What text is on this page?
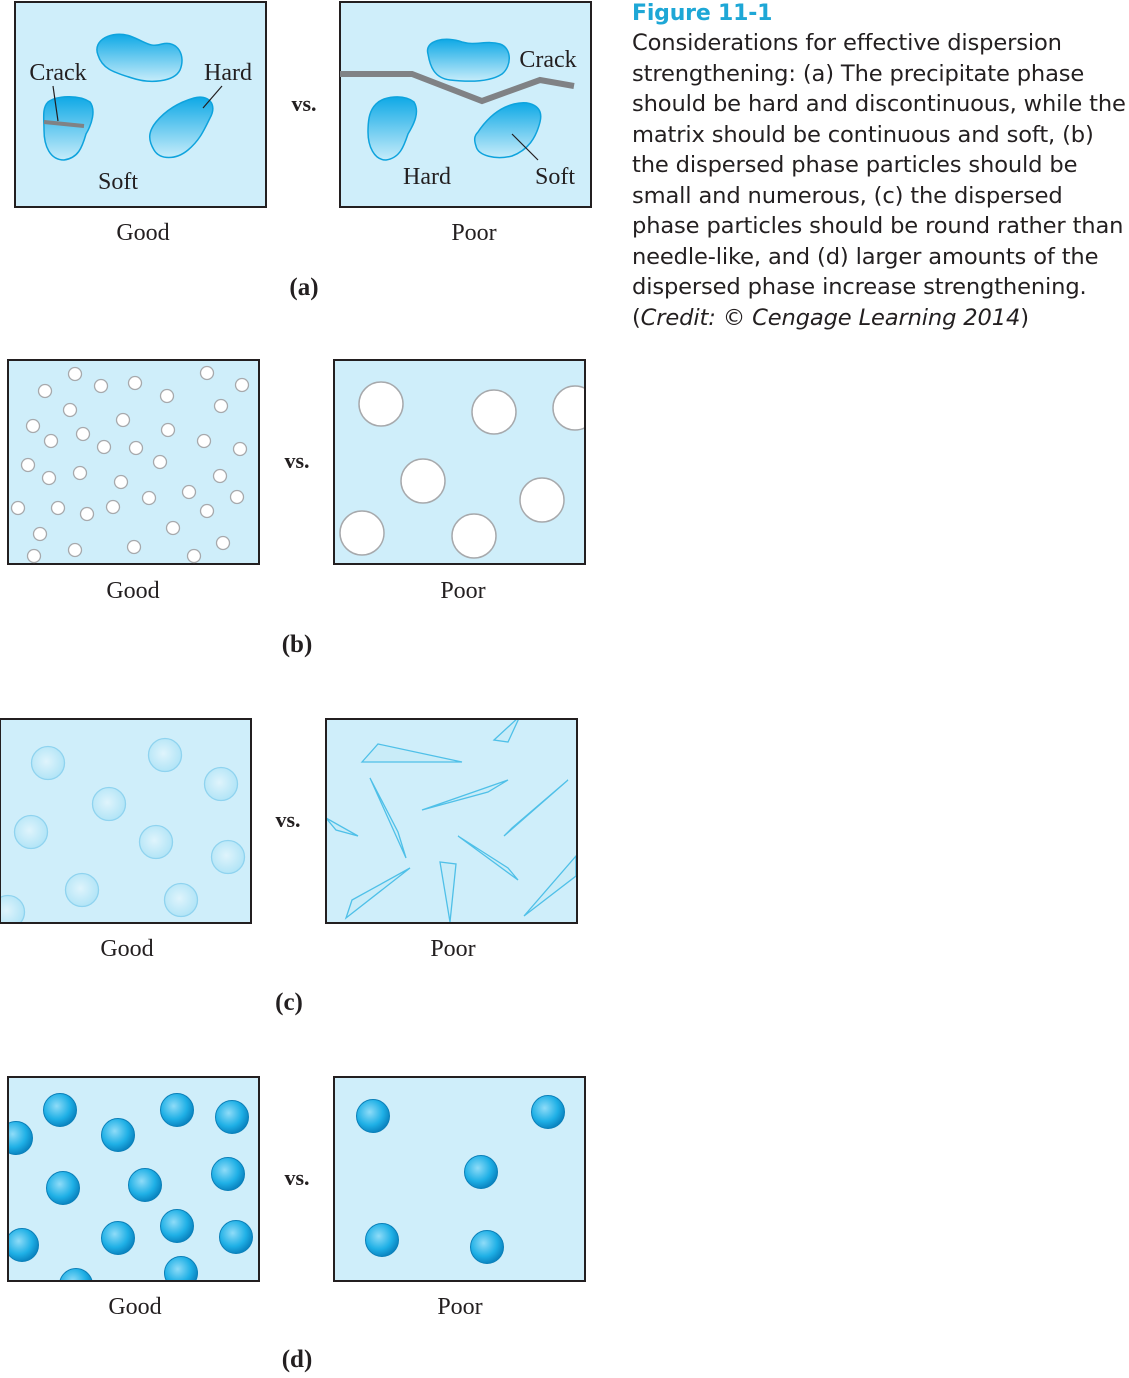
Crack	Hard
Soft
vs.
Crack
Hard	Soft
Good	Poor
(a)
vs.
Good	Poor
(b)
vs.
Good	Poor
(c)
vs.
Good	Poor
(d)
Figure 11-1
Considerations for effective dispersion strengthening: (a) The precipitate phase should be hard and discontinuous, while the matrix should be continuous and soft, (b) the dispersed phase particles should be small and numerous, (c) the dispersed phase particles should be round rather than needle-like, and (d) larger amounts of the dispersed phase increase strengthening. (Credit: © Cengage Learning 2014)
